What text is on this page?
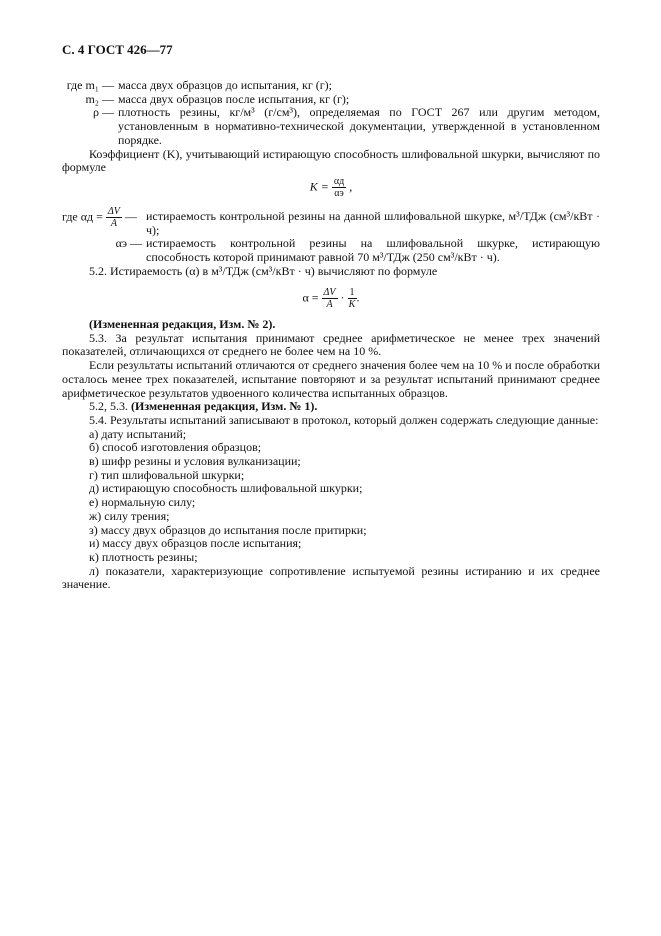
С. 4 ГОСТ 426—77
где m₁ — масса двух образцов до испытания, кг (г);
m₂ — масса двух образцов после испытания, кг (г);
ρ — плотность резины, кг/м³ (г/см³), определяемая по ГОСТ 267 или другим методом, установленным в нормативно-технической документации, утвержденной в установленном порядке.
Коэффициент (K), учитывающий истирающую способность шлифовальной шкурки, вычисляют по формуле
$K = \frac{\alpha д}{\alpha э}$ ,
где $\alpha д = \frac{\Delta V}{A}$ — истираемость контрольной резины на данной шлифовальной шкурке, м³/ТДж (см³/кВт · ч);
αэ — истираемость контрольной резины на шлифовальной шкурке, истирающую способность которой принимают равной 70 м³/ТДж (250 см³/кВт · ч).
5.2. Истираемость (α) в м³/ТДж (см³/кВт · ч) вычисляют по формуле
$\alpha = \frac{\Delta V}{A} \cdot \frac{1}{K}$ .
(Измененная редакция, Изм. № 2).
5.3. За результат испытания принимают среднее арифметическое не менее трех значений показателей, отличающихся от среднего не более чем на 10 %.
Если результаты испытаний отличаются от среднего значения более чем на 10 % и после обработки осталось менее трех показателей, испытание повторяют и за результат испытаний принимают среднее арифметическое результатов удвоенного количества испытанных образцов.
5.2, 5.3. (Измененная редакция, Изм. № 1).
5.4. Результаты испытаний записывают в протокол, который должен содержать следующие данные:
а) дату испытаний;
б) способ изготовления образцов;
в) шифр резины и условия вулканизации;
г) тип шлифовальной шкурки;
д) истирающую способность шлифовальной шкурки;
е) нормальную силу;
ж) силу трения;
з) массу двух образцов до испытания после притирки;
и) массу двух образцов после испытания;
к) плотность резины;
л) показатели, характеризующие сопротивление испытуемой резины истиранию и их среднее значение.
